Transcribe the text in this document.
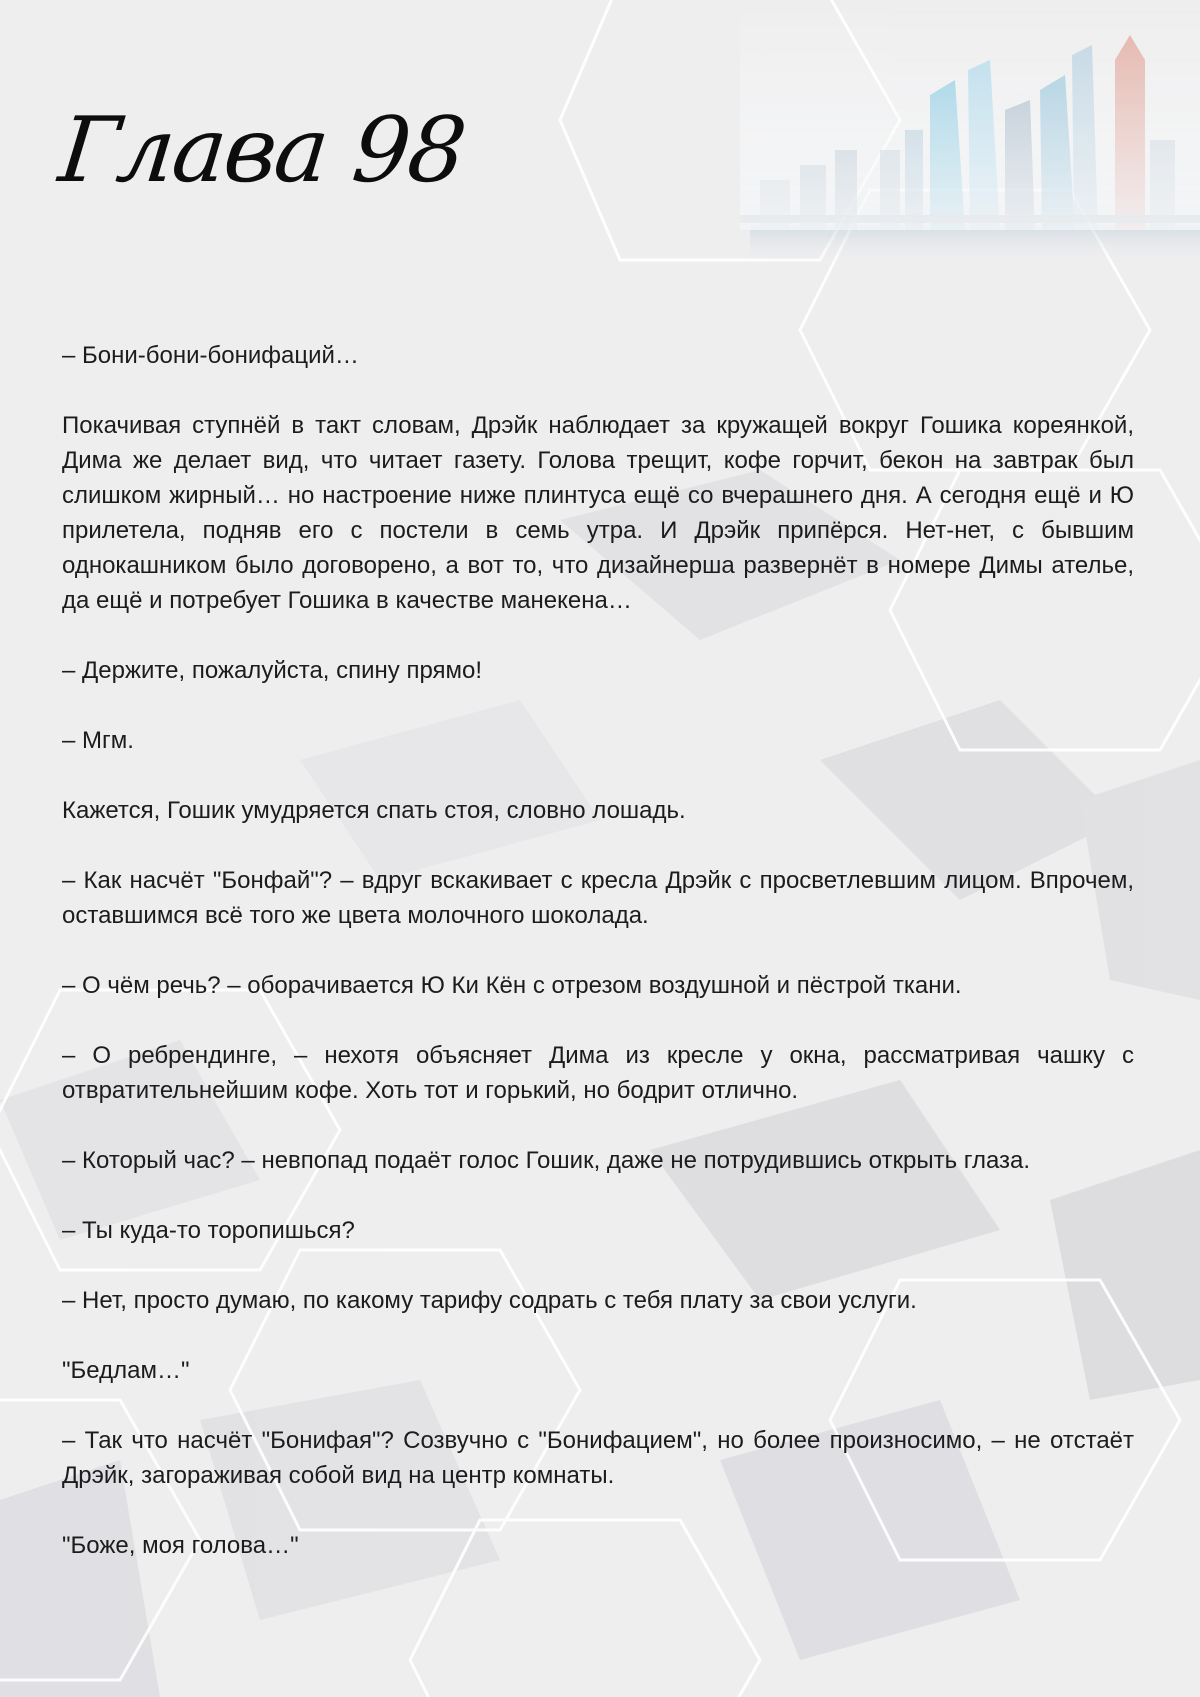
Глава 98

– Бони-бони-бонифаций…

Покачивая ступнёй в такт словам, Дрэйк наблюдает за кружащей вокруг Гошика кореянкой, Дима же делает вид, что читает газету. Голова трещит, кофе горчит, бекон на завтрак был слишком жирный… но настроение ниже плинтуса ещё со вчерашнего дня. А сегодня ещё и Ю прилетела, подняв его с постели в семь утра. И Дрэйк припёрся. Нет-нет, с бывшим однокашником было договорено, а вот то, что дизайнерша развернёт в номере Димы ателье, да ещё и потребует Гошика в качестве манекена…

– Держите, пожалуйста, спину прямо!

– Мгм.

Кажется, Гошик умудряется спать стоя, словно лошадь.

– Как насчёт "Бонфай"? – вдруг вскакивает с кресла Дрэйк с просветлевшим лицом. Впрочем, оставшимся всё того же цвета молочного шоколада.

– О чём речь? – оборачивается Ю Ки Кён с отрезом воздушной и пёстрой ткани.

– О ребрендинге, – нехотя объясняет Дима из кресле у окна, рассматривая чашку с отвратительнейшим кофе. Хоть тот и горький, но бодрит отлично.

– Который час? – невпопад подаёт голос Гошик, даже не потрудившись открыть глаза.

– Ты куда-то торопишься?

– Нет, просто думаю, по какому тарифу содрать с тебя плату за свои услуги.

"Бедлам…"

– Так что насчёт "Бонифая"? Созвучно с "Бонифацием", но более произносимо, – не отстаёт Дрэйк, загораживая собой вид на центр комнаты.

"Боже, моя голова…"
